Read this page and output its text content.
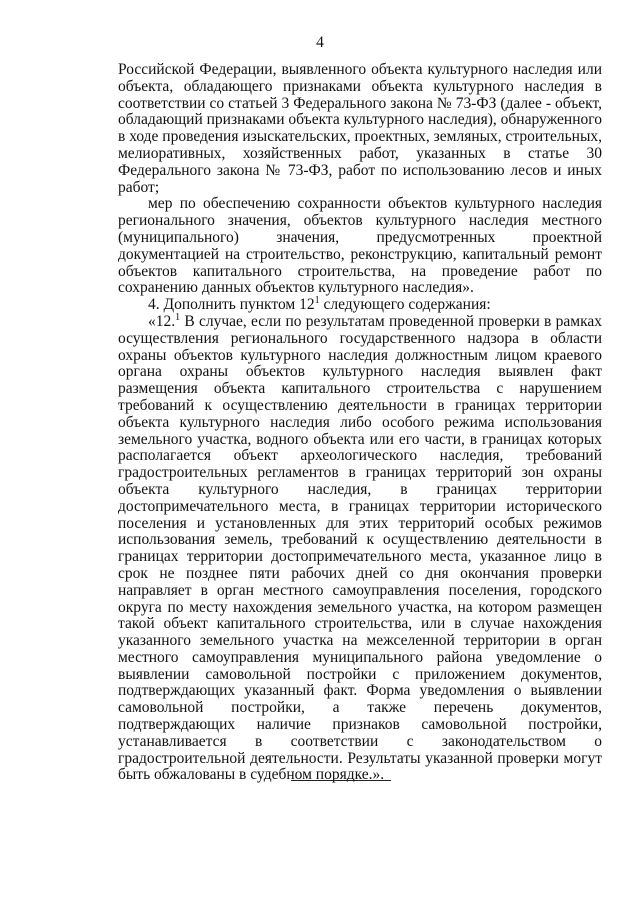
4

Российской Федерации, выявленного объекта культурного наследия или объекта, обладающего признаками объекта культурного наследия в соответствии со статьей 3 Федерального закона № 73-ФЗ (далее - объект, обладающий признаками объекта культурного наследия), обнаруженного в ходе проведения изыскательских, проектных, земляных, строительных, мелиоративных, хозяйственных работ, указанных в статье 30 Федерального закона № 73-ФЗ, работ по использованию лесов и иных работ;

мер по обеспечению сохранности объектов культурного наследия регионального значения, объектов культурного наследия местного (муниципального) значения, предусмотренных проектной документацией на строительство, реконструкцию, капитальный ремонт объектов капитального строительства, на проведение работ по сохранению данных объектов культурного наследия».

4. Дополнить пунктом $12^1$ следующего содержания:

«12.$^1$ В случае, если по результатам проведенной проверки в рамках осуществления регионального государственного надзора в области охраны объектов культурного наследия должностным лицом краевого органа охраны объектов культурного наследия выявлен факт размещения объекта капитального строительства с нарушением требований к осуществлению деятельности в границах территории объекта культурного наследия либо особого режима использования земельного участка, водного объекта или его части, в границах которых располагается объект археологического наследия, требований градостроительных регламентов в границах территорий зон охраны объекта культурного наследия, в границах территории достопримечательного места, в границах территории исторического поселения и установленных для этих территорий особых режимов использования земель, требований к осуществлению деятельности в границах территории достопримечательного места, указанное лицо в срок не позднее пяти рабочих дней со дня окончания проверки направляет в орган местного самоуправления поселения, городского округа по месту нахождения земельного участка, на котором размещен такой объект капитального строительства, или в случае нахождения указанного земельного участка на межселенной территории в орган местного самоуправления муниципального района уведомление о выявлении самовольной постройки с приложением документов, подтверждающих указанный факт. Форма уведомления о выявлении самовольной постройки, а также перечень документов, подтверждающих наличие признаков самовольной постройки, устанавливается в соответствии с законодательством о градостроительной деятельности. Результаты указанной проверки могут быть обжалованы в судебном порядке.».
